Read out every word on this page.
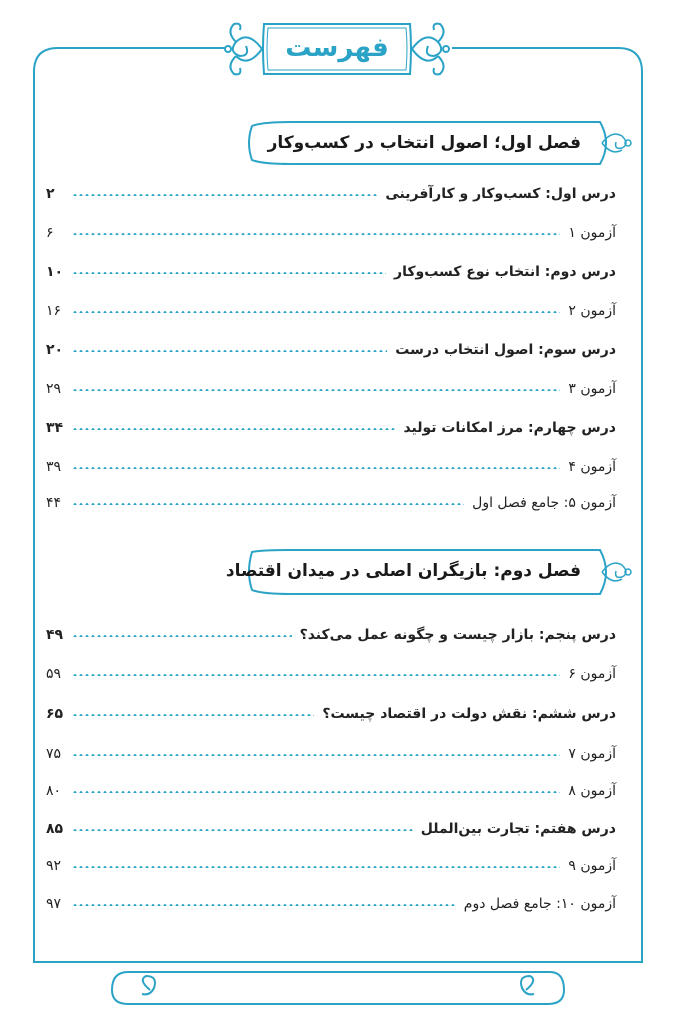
فهرست
فصل اول؛ اصول انتخاب در کسب‌وکار
فصل دوم: بازیگران اصلی در میدان اقتصاد
درس اول: کسب‌وکار و کارآفرینی
۲
آزمون ۱
۶
درس دوم: انتخاب نوع کسب‌وکار
۱۰
آزمون ۲
۱۶
درس سوم: اصول انتخاب درست
۲۰
آزمون ۳
۲۹
درس چهارم: مرز امکانات تولید
۳۴
آزمون ۴
۳۹
آزمون ۵: جامع فصل اول
۴۴
درس پنجم: بازار چیست و چگونه عمل می‌کند؟
۴۹
آزمون ۶
۵۹
درس ششم: نقش دولت در اقتصاد چیست؟
۶۵
آزمون ۷
۷۵
آزمون ۸
۸۰
درس هفتم: تجارت بین‌الملل
۸۵
آزمون ۹
۹۲
آزمون ۱۰: جامع فصل دوم
۹۷
